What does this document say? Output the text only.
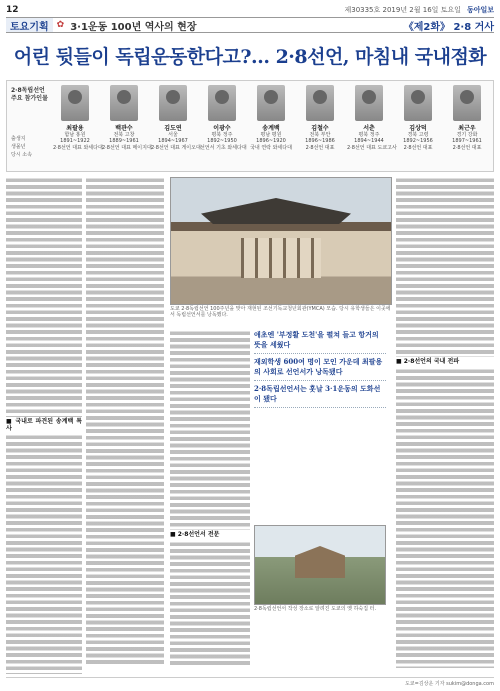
12	제30335호 2019년 2월 16일 토요일 동아일보
토요기획 ✿ 3·1운동 100년 역사의 현장	《제2화》 2·8 거사
어린 뒷들이 독립운동한다고?… 2·8선언, 마침내 국내점화
2·8독립선언 주요 참가인물
출생지
생몰년
당시 소속
최팔용
함남 홍원
1891~1922
2·8선언 대표 와세다대
백관수
전북 고창
1889~1961
2·8선언 대표 메이지대
김도연
서울
1894~1967
2·8선언 대표 게이오대
이광수
평북 정주
1892~1950
선언서 기초 와세다대
송계백
평남 평원
1896~1920
국내 연락 와세다대
김철수
전북 부안
1896~1986
2·8선언 대표
서춘
평북 정주
1894~1944
2·8선언 대표 도쿄고사
김상덕
경북 고령
1892~1956
2·8선언 대표
최근우
경기 강화
1897~1961
2·8선언 대표
■ 국내로 파견된 송계백 특사
■ 2·8선언서 전문
■ 2·8선언의 국내 전파
도쿄 2·8독립선언 100주년을 맞아 재현된 조선기독교청년회관(YMCA) 모습. 당시 유학생들은 이곳에서 독립선언서를 낭독했다.

애초엔 '부정활 도천'을 펼쳐 들고 항거의 뜻을 세웠다

재외학생 600여 명이 모인 가운데 최팔용의 사회로 선언서가 낭독됐다

2·8독립선언서는 훗날 3·1운동의 도화선이 됐다

2·8독립선언서 작성 장소로 알려진 도쿄의 옛 하숙집 터.
도쿄=김상운 기자 sukim@donga.com
